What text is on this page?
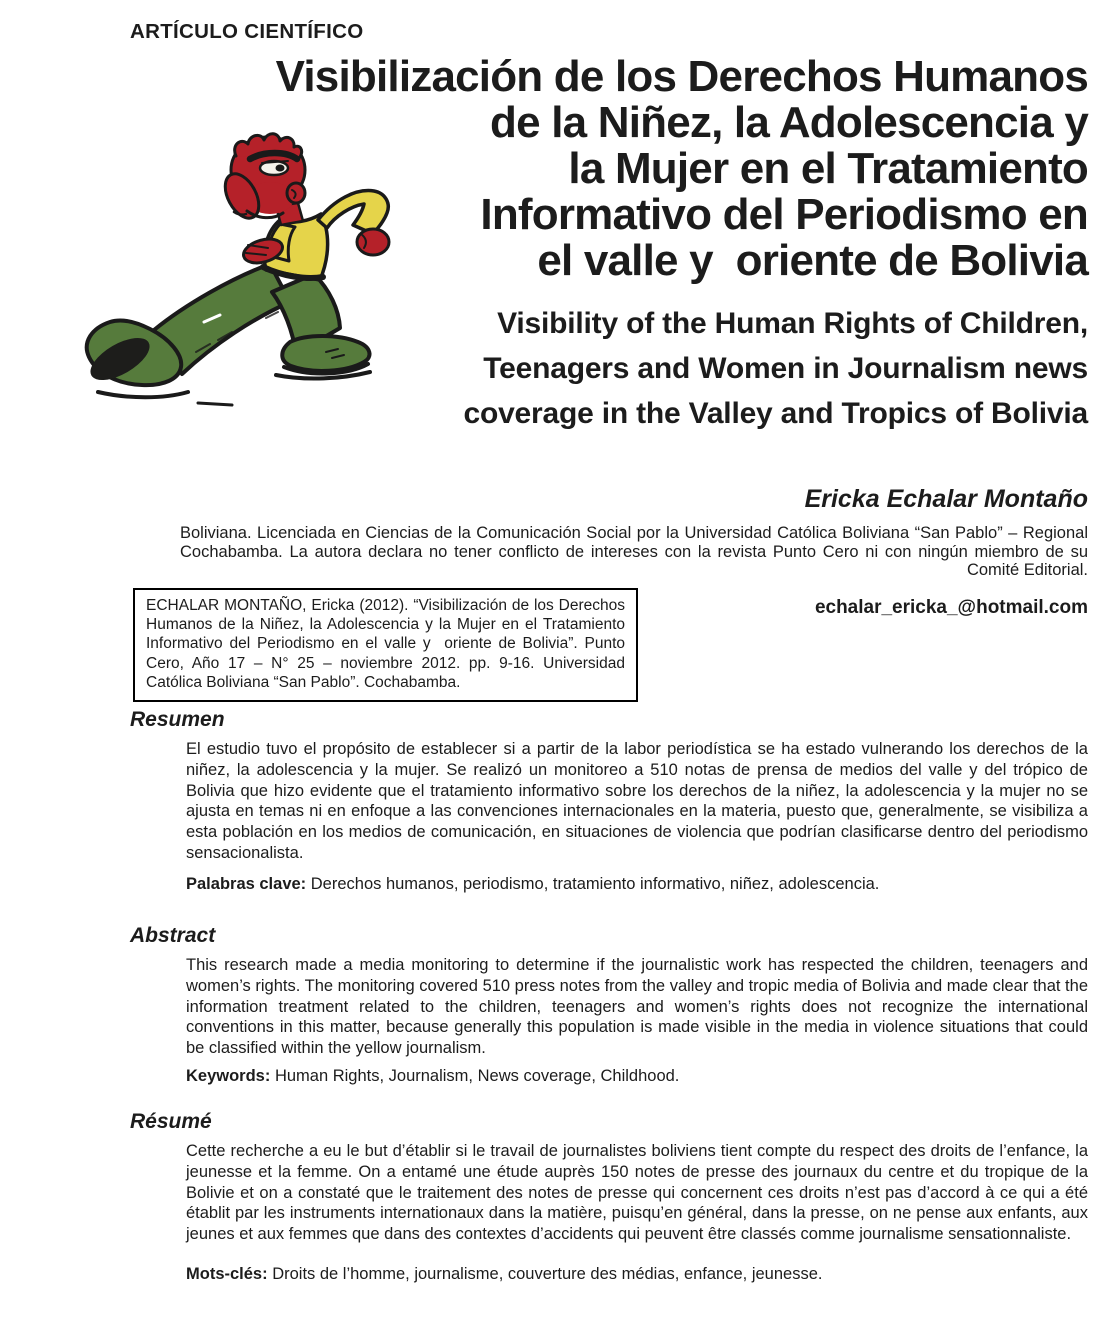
ARTÍCULO CIENTÍFICO
Visibilización de los Derechos Humanos
de la Niñez, la Adolescencia y
la Mujer en el Tratamiento
Informativo del Periodismo en
el valle y  oriente de Bolivia
Visibility of the Human Rights of Children,
Teenagers and Women in Journalism news
coverage in the Valley and Tropics of Bolivia
Ericka Echalar Montaño
Boliviana. Licenciada en Ciencias de la Comunicación Social por la Universidad Católica Boliviana “San Pablo” – Regional Cochabamba. La autora declara no tener conflicto de intereses con la revista Punto Cero ni con ningún miembro de su Comité Editorial.
ECHALAR MONTAÑO, Ericka (2012). “Visibilización de los Derechos Humanos de la Niñez, la Adolescencia y la Mujer en el Tratamiento Informativo del Periodismo en el valle y  oriente de Bolivia”. Punto Cero, Año 17 – N° 25 – noviembre 2012. pp. 9-16. Universidad Católica Boliviana “San Pablo”. Cochabamba.
echalar_ericka_@hotmail.com
Resumen
El estudio tuvo el propósito de establecer si a partir de la labor periodística se ha estado vulnerando los derechos de la niñez, la adolescencia y la mujer. Se realizó un monitoreo a 510 notas de prensa de medios del valle y del trópico de Bolivia que hizo evidente que el tratamiento informativo sobre los derechos de la niñez, la adolescencia y la mujer no se ajusta en temas ni en enfoque a las convenciones internacionales en la materia, puesto que, generalmente, se visibiliza a esta población en los medios de comunicación, en situaciones de violencia que podrían clasificarse dentro del periodismo sensacionalista.
Palabras clave: Derechos humanos, periodismo, tratamiento informativo, niñez, adolescencia.
Abstract
This research made a media monitoring to determine if the journalistic work has respected the children, teenagers and women’s rights. The monitoring covered 510 press notes from the valley and tropic media of Bolivia and made clear that the information treatment related to the children, teenagers and women’s rights does not recognize the international conventions in this matter, because generally this population is made visible in the media in violence situations that could be classified within the yellow journalism.
Keywords: Human Rights, Journalism, News coverage, Childhood.
Résumé
Cette recherche a eu le but d’établir si le travail de journalistes boliviens tient compte du respect des droits de l’enfance, la jeunesse et la femme. On a entamé une étude auprès 150 notes de presse des journaux du centre et du tropique de la Bolivie et on a constaté que le traitement des notes de presse qui concernent ces droits n’est pas d’accord à ce qui a été établit par les instruments internationaux dans la matière, puisqu’en général, dans la presse, on ne pense aux enfants, aux jeunes et aux femmes que dans des contextes d’accidents qui peuvent être classés comme journalisme sensationnaliste.
Mots-clés: Droits de l’homme, journalisme, couverture des médias, enfance, jeunesse.
